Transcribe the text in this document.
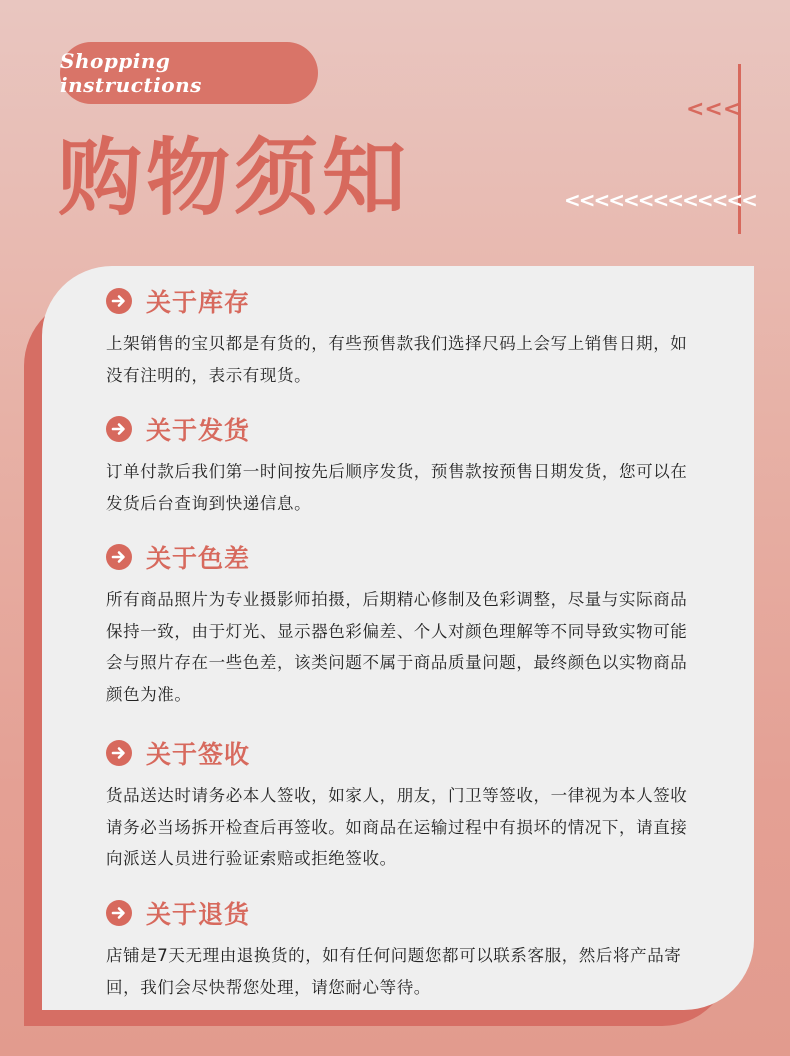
Shopping instructions
购物须知
<<<
<<<<<<<<<<<<<
关于库存
上架销售的宝贝都是有货的，有些预售款我们选择尺码上会写上销售日期，如没有注明的，表示有现货。
关于发货
订单付款后我们第一时间按先后顺序发货，预售款按预售日期发货，您可以在发货后台查询到快递信息。
关于色差
所有商品照片为专业摄影师拍摄，后期精心修制及色彩调整，尽量与实际商品保持一致，由于灯光、显示器色彩偏差、个人对颜色理解等不同导致实物可能会与照片存在一些色差，该类问题不属于商品质量问题，最终颜色以实物商品颜色为准。
关于签收
货品送达时请务必本人签收，如家人，朋友，门卫等签收，一律视为本人签收请务必当场拆开检查后再签收。如商品在运输过程中有损坏的情况下，请直接向派送人员进行验证索赔或拒绝签收。
关于退货
店铺是7天无理由退换货的，如有任何问题您都可以联系客服，然后将产品寄回，我们会尽快帮您处理，请您耐心等待。
